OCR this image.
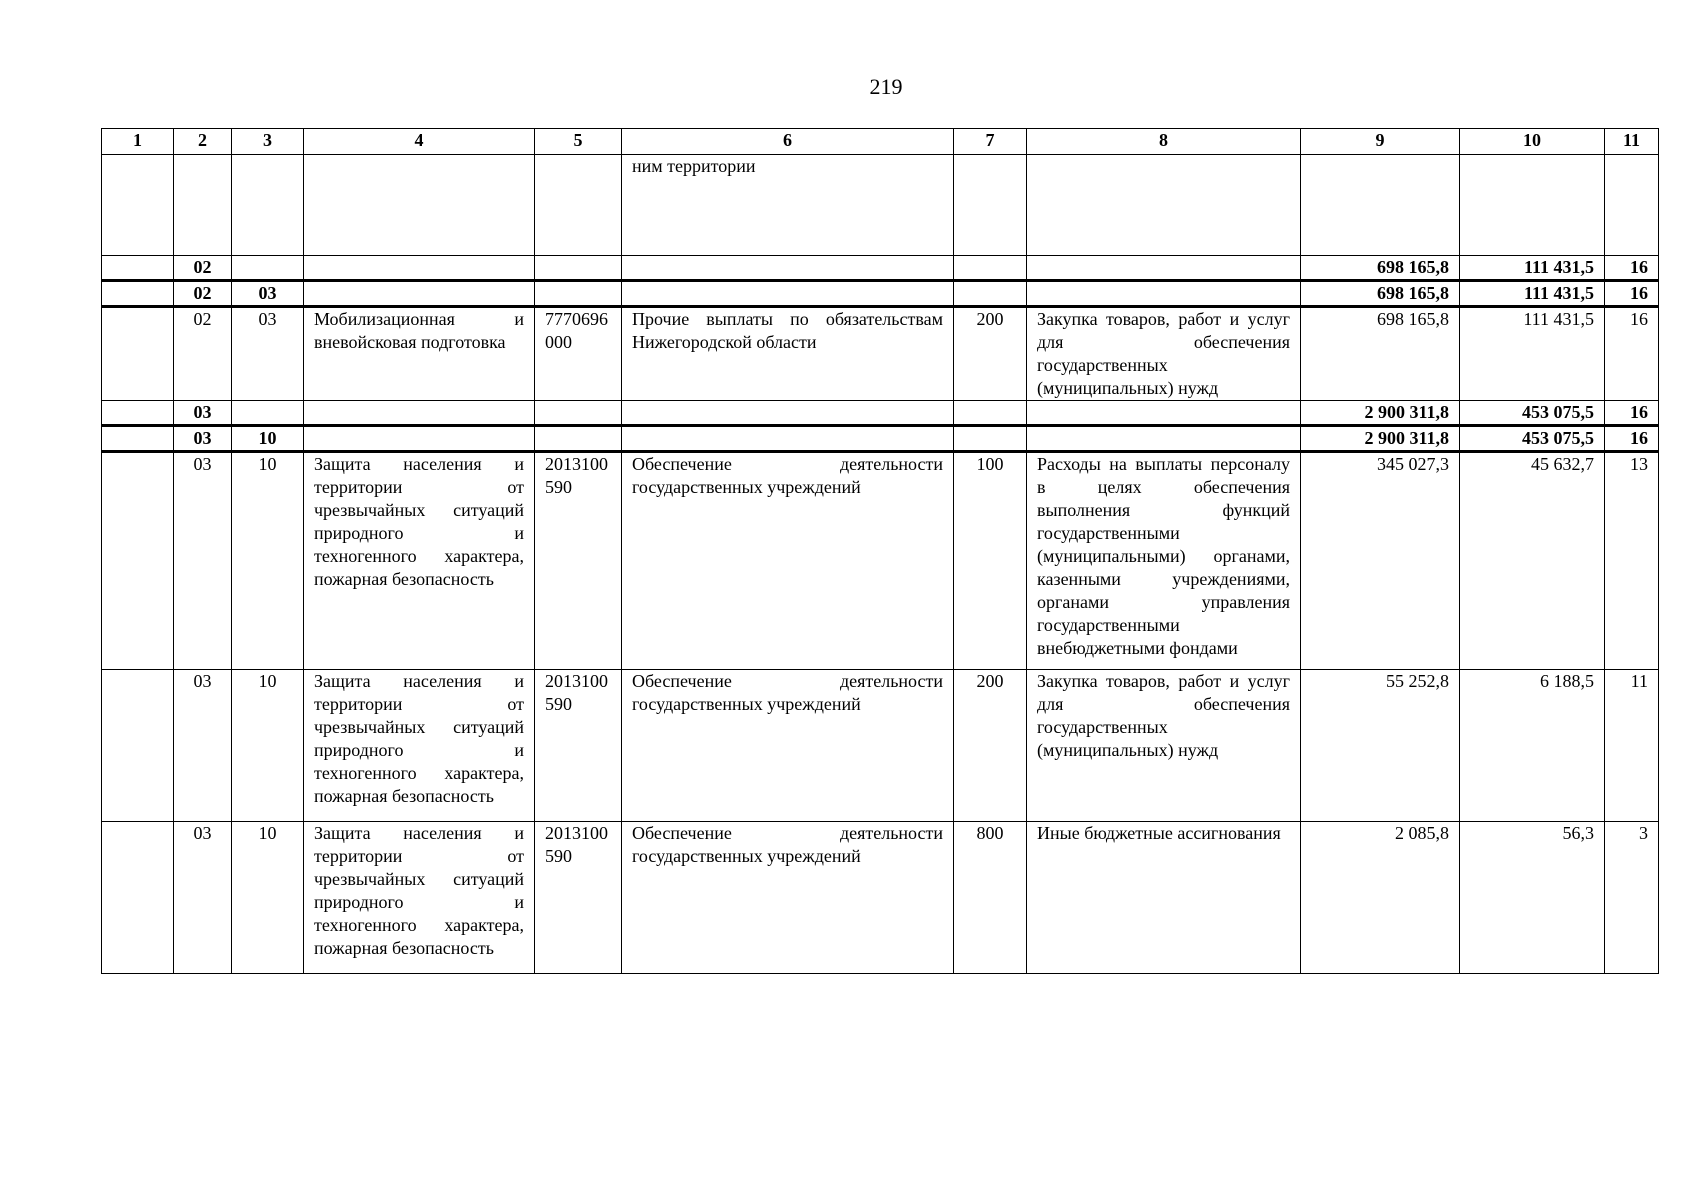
219
1	2	3	4	5	6	7	8	9	10	11
					ним территории					
	02							698 165,8	111 431,5	16
	02	03						698 165,8	111 431,5	16
	02	03	Мобилизационная и вневойсковая подготовка	7770696000	Прочие выплаты по обязательствам Нижегородской области	200	Закупка товаров, работ и услуг для обеспечения государственных (муниципальных) нужд	698 165,8	111 431,5	16
	03							2 900 311,8	453 075,5	16
	03	10						2 900 311,8	453 075,5	16
	03	10	Защита населения и территории от чрезвычайных ситуаций природного и техногенного характера, пожарная безопасность	2013100590	Обеспечение деятельности государственных учреждений	100	Расходы на выплаты персоналу в целях обеспечения выполнения функций государственными (муниципальными) органами, казенными учреждениями, органами управления государственными внебюджетными фондами	345 027,3	45 632,7	13
	03	10	Защита населения и территории от чрезвычайных ситуаций природного и техногенного характера, пожарная безопасность	2013100590	Обеспечение деятельности государственных учреждений	200	Закупка товаров, работ и услуг для обеспечения государственных (муниципальных) нужд	55 252,8	6 188,5	11
	03	10	Защита населения и территории от чрезвычайных ситуаций природного и техногенного характера, пожарная безопасность	2013100590	Обеспечение деятельности государственных учреждений	800	Иные бюджетные ассигнования	2 085,8	56,3	3
